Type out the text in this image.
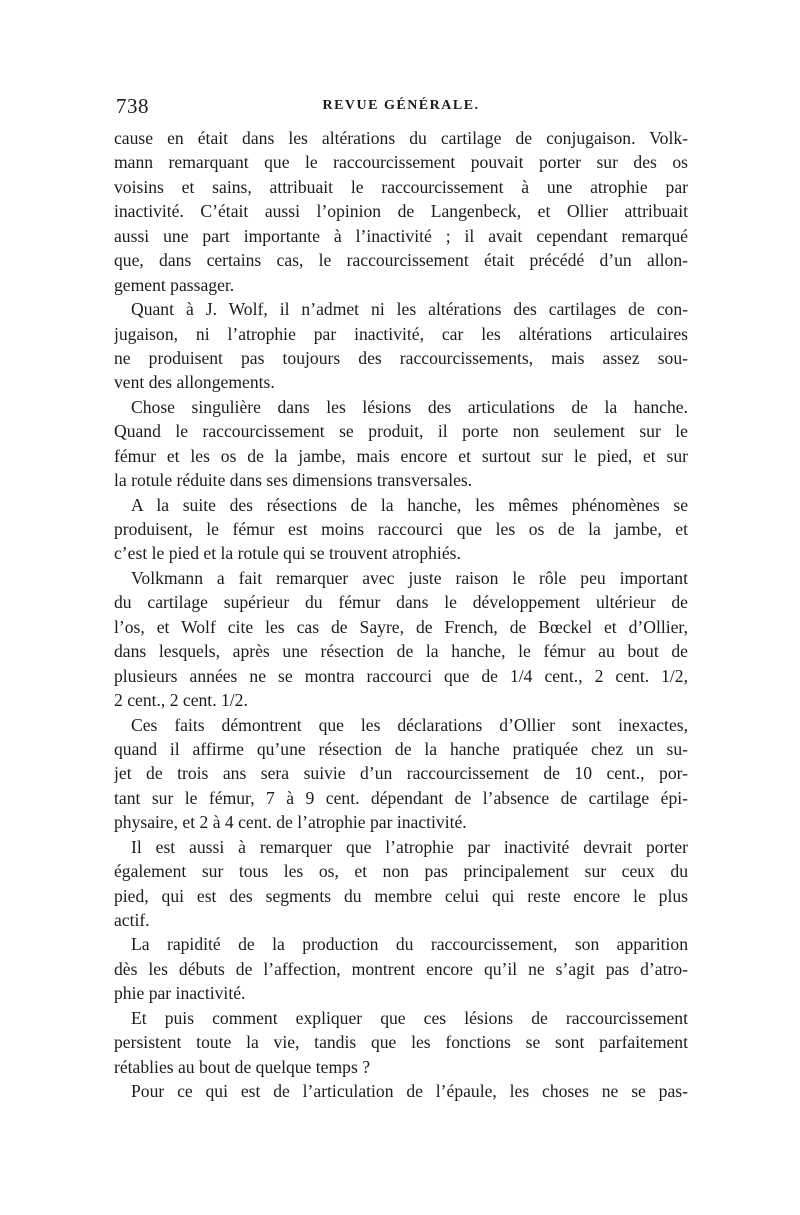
738	REVUE GÉNÉRALE.
cause en était dans les altérations du cartilage de conjugaison. Volk-
mann remarquant que le raccourcissement pouvait porter sur des os
voisins et sains, attribuait le raccourcissement à une atrophie par
inactivité. C’était aussi l’opinion de Langenbeck, et Ollier attribuait
aussi une part importante à l’inactivité ; il avait cependant remarqué
que, dans certains cas, le raccourcissement était précédé d’un allon-
gement passager.
Quant à J. Wolf, il n’admet ni les altérations des cartilages de con-
jugaison, ni l’atrophie par inactivité, car les altérations articulaires
ne produisent pas toujours des raccourcissements, mais assez sou-
vent des allongements.
Chose singulière dans les lésions des articulations de la hanche.
Quand le raccourcissement se produit, il porte non seulement sur le
fémur et les os de la jambe, mais encore et surtout sur le pied, et sur
la rotule réduite dans ses dimensions transversales.
A la suite des résections de la hanche, les mêmes phénomènes se
produisent, le fémur est moins raccourci que les os de la jambe, et
c’est le pied et la rotule qui se trouvent atrophiés.
Volkmann a fait remarquer avec juste raison le rôle peu important
du cartilage supérieur du fémur dans le développement ultérieur de
l’os, et Wolf cite les cas de Sayre, de French, de Bœckel et d’Ollier,
dans lesquels, après une résection de la hanche, le fémur au bout de
plusieurs années ne se montra raccourci que de 1/4 cent., 2 cent. 1/2,
2 cent., 2 cent. 1/2.
Ces faits démontrent que les déclarations d’Ollier sont inexactes,
quand il affirme qu’une résection de la hanche pratiquée chez un su-
jet de trois ans sera suivie d’un raccourcissement de 10 cent., por-
tant sur le fémur, 7 à 9 cent. dépendant de l’absence de cartilage épi-
physaire, et 2 à 4 cent. de l’atrophie par inactivité.
Il est aussi à remarquer que l’atrophie par inactivité devrait porter
également sur tous les os, et non pas principalement sur ceux du
pied, qui est des segments du membre celui qui reste encore le plus
actif.
La rapidité de la production du raccourcissement, son apparition
dès les débuts de l’affection, montrent encore qu’il ne s’agit pas d’atro-
phie par inactivité.
Et puis comment expliquer que ces lésions de raccourcissement
persistent toute la vie, tandis que les fonctions se sont parfaitement
rétablies au bout de quelque temps ?
Pour ce qui est de l’articulation de l’épaule, les choses ne se pas-
